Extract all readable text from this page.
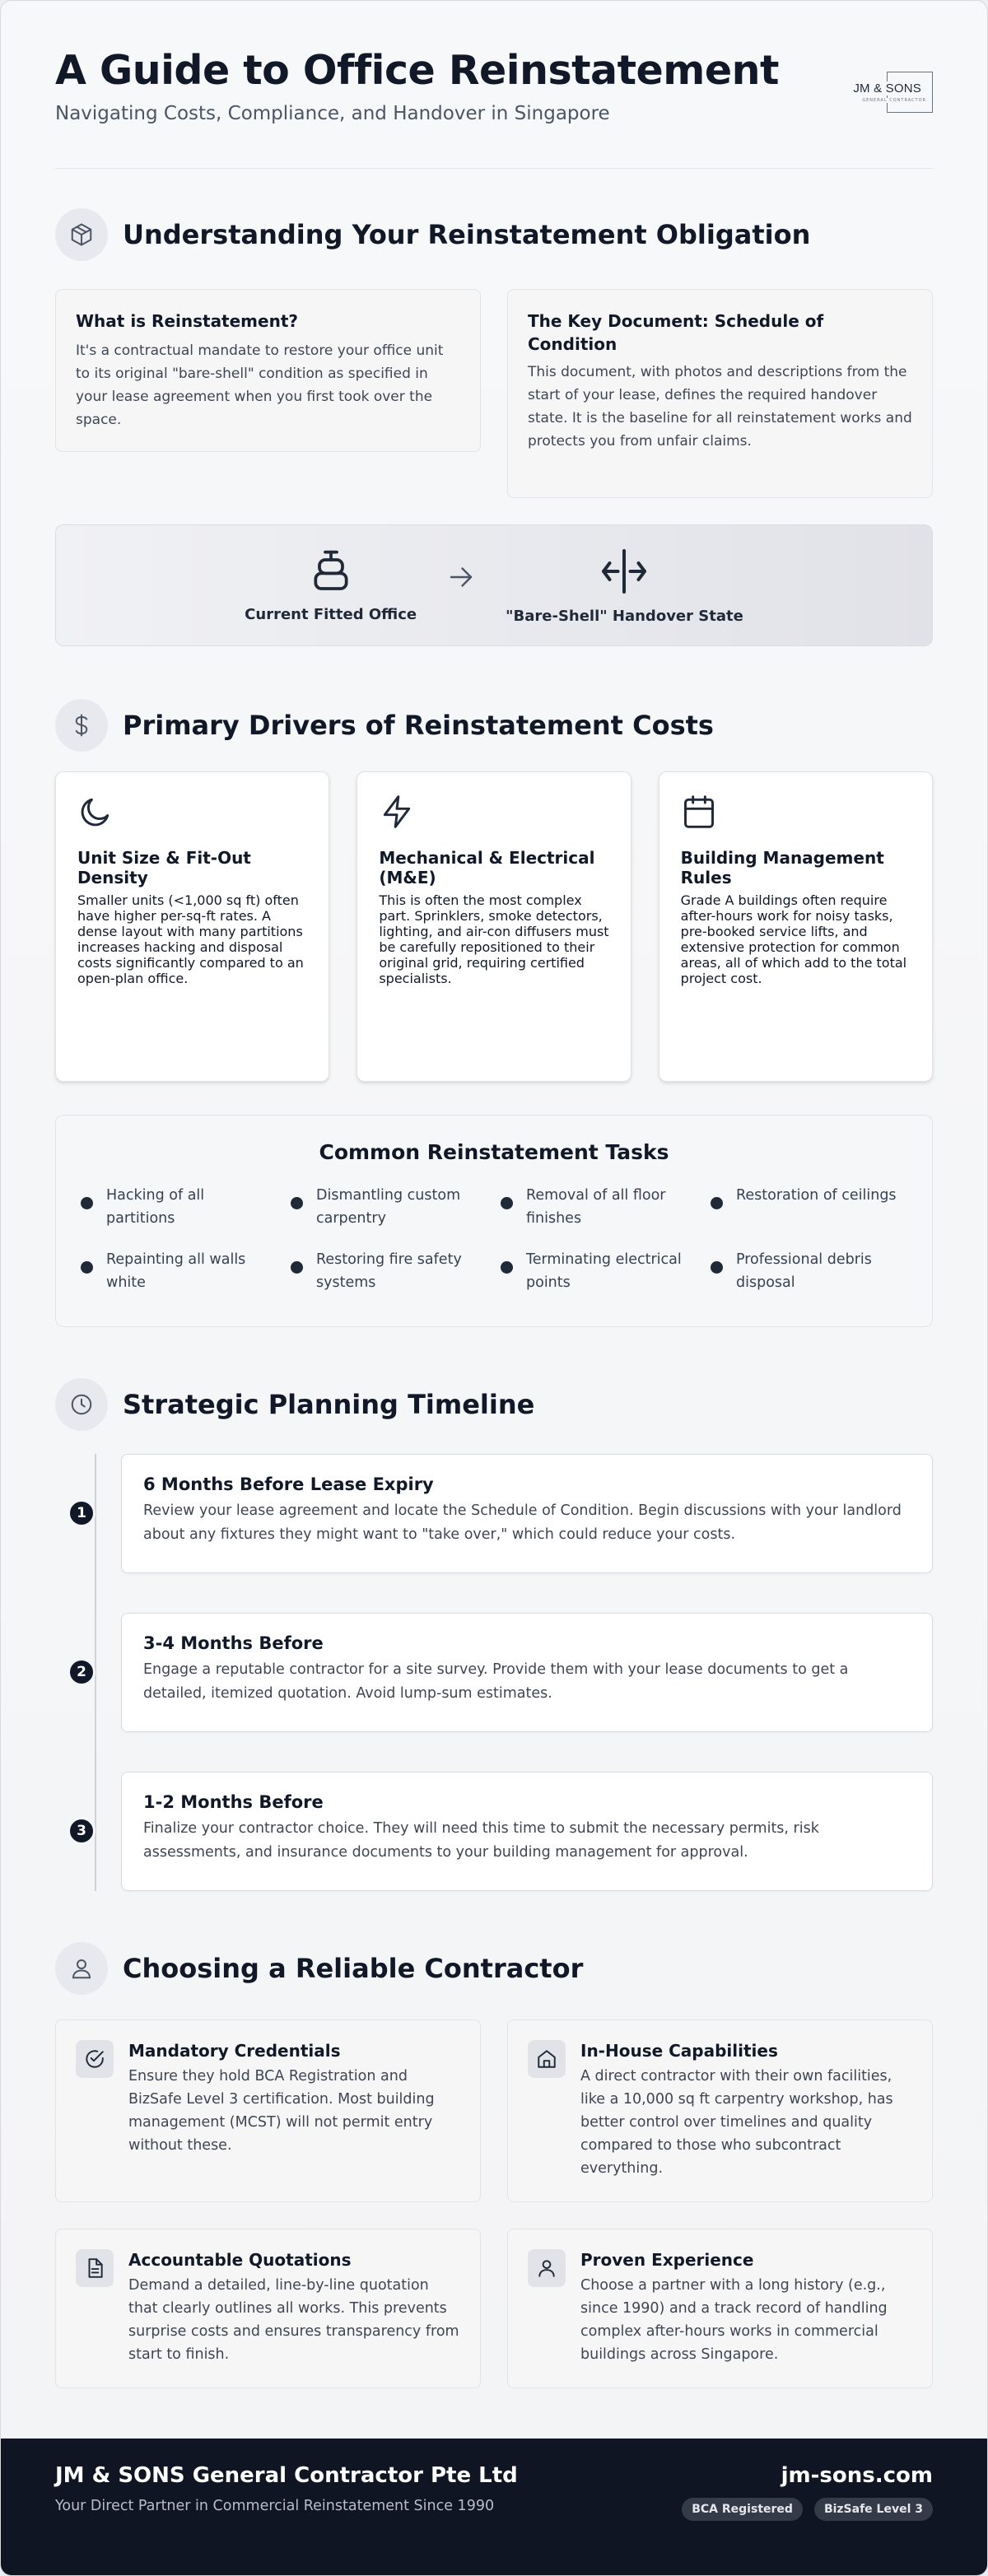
A Guide to Office Reinstatement
Navigating Costs, Compliance, and Handover in Singapore
JM & SONS
GENERAL CONTRACTOR
Understanding Your Reinstatement Obligation
What is Reinstatement?

It's a contractual mandate to restore your office unit to its original "bare-shell" condition as specified in your lease agreement when you first took over the space.

The Key Document: Schedule of Condition

This document, with photos and descriptions from the start of your lease, defines the required handover state. It is the baseline for all reinstatement works and protects you from unfair claims.

Current Fitted Office	"Bare-Shell" Handover State
Primary Drivers of Reinstatement Costs
Unit Size & Fit-Out Density

Smaller units (<1,000 sq ft) often have higher per-sq-ft rates. A dense layout with many partitions increases hacking and disposal costs significantly compared to an open-plan office.

Mechanical & Electrical (M&E)

This is often the most complex part. Sprinklers, smoke detectors, lighting, and air-con diffusers must be carefully repositioned to their original grid, requiring certified specialists.

Building Management Rules

Grade A buildings often require after-hours work for noisy tasks, pre-booked service lifts, and extensive protection for common areas, all of which add to the total project cost.

Common Reinstatement Tasks
Hacking of all partitions
Dismantling custom carpentry
Removal of all floor finishes
Restoration of ceilings
Repainting all walls white
Restoring fire safety systems
Terminating electrical points
Professional debris disposal
Strategic Planning Timeline
1
6 Months Before Lease Expiry

Review your lease agreement and locate the Schedule of Condition. Begin discussions with your landlord about any fixtures they might want to "take over," which could reduce your costs.

2
3-4 Months Before

Engage a reputable contractor for a site survey. Provide them with your lease documents to get a detailed, itemized quotation. Avoid lump-sum estimates.

3
1-2 Months Before

Finalize your contractor choice. They will need this time to submit the necessary permits, risk assessments, and insurance documents to your building management for approval.

Choosing a Reliable Contractor
Mandatory Credentials

Ensure they hold BCA Registration and BizSafe Level 3 certification. Most building management (MCST) will not permit entry without these.

In-House Capabilities

A direct contractor with their own facilities, like a 10,000 sq ft carpentry workshop, has better control over timelines and quality compared to those who subcontract everything.

Accountable Quotations

Demand a detailed, line-by-line quotation that clearly outlines all works. This prevents surprise costs and ensures transparency from start to finish.

Proven Experience

Choose a partner with a long history (e.g., since 1990) and a track record of handling complex after-hours works in commercial buildings across Singapore.

JM & SONS General Contractor Pte Ltd
Your Direct Partner in Commercial Reinstatement Since 1990
jm-sons.com
BCA Registered	BizSafe Level 3
